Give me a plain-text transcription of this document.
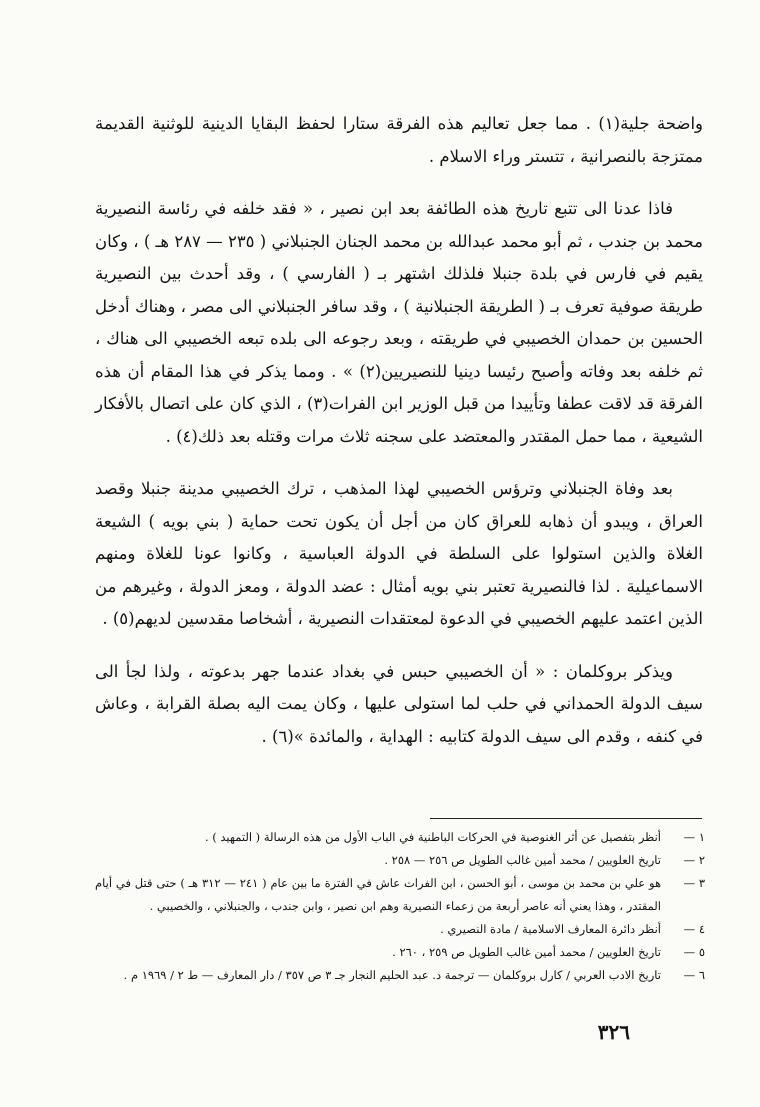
واضحة جلية(١) . مما جعل تعاليم هذه الفرقة ستارا لحفظ البقايا الدينية للوثنية القديمة ممتزجة بالنصرانية ، تتستر وراء الاسلام .

فاذا عدنا الى تتبع تاريخ هذه الطائفة بعد ابن نصير ، « فقد خلفه في رئاسة النصيرية محمد بن جندب ، ثم أبو محمد عبدالله بن محمد الجنان الجنبلاني ( ٢٣٥ — ٢٨٧ هـ ) ، وكان يقيم في فارس في بلدة جنبلا فلذلك اشتهر بـ ( الفارسي ) ، وقد أحدث بين النصيرية طريقة صوفية تعرف بـ ( الطريقة الجنبلانية ) ، وقد سافر الجنبلاني الى مصر ، وهناك أدخل الحسين بن حمدان الخصيبي في طريقته ، وبعد رجوعه الى بلده تبعه الخصيبي الى هناك ، ثم خلفه بعد وفاته وأصبح رئيسا دينيا للنصيريين(٢) » . ومما يذكر في هذا المقام أن هذه الفرقة قد لاقت عطفا وتأييدا من قبل الوزير ابن الفرات(٣) ، الذي كان على اتصال بالأفكار الشيعية ، مما حمل المقتدر والمعتضد على سجنه ثلاث مرات وقتله بعد ذلك(٤) .

بعد وفاة الجنبلاني وترؤس الخصيبي لهذا المذهب ، ترك الخصيبي مدينة جنبلا وقصد العراق ، ويبدو أن ذهابه للعراق كان من أجل أن يكون تحت حماية ( بني بويه ) الشيعة الغلاة والذين استولوا على السلطة في الدولة العباسية ، وكانوا عونا للغلاة ومنهم الاسماعيلية . لذا فالنصيرية تعتبر بني بويه أمثال : عضد الدولة ، ومعز الدولة ، وغيرهم من الذين اعتمد عليهم الخصيبي في الدعوة لمعتقدات النصيرية ، أشخاصا مقدسين لديهم(٥) .

ويذكر بروكلمان : « أن الخصيبي حبس في بغداد عندما جهر بدعوته ، ولذا لجأ الى سيف الدولة الحمداني في حلب لما استولى عليها ، وكان يمت اليه بصلة القرابة ، وعاش في كنفه ، وقدم الى سيف الدولة كتابيه : الهداية ، والمائدة »(٦) .

١ —
أنظر بتفصيل عن أثر الغنوصية في الحركات الباطنية في الباب الأول من هذه الرسالة ( التمهيد ) .
٢ —
تاريخ العلويين / محمد أمين غالب الطويل ص ٢٥٦ — ٢٥٨ .
٣ —
هو علي بن محمد بن موسى ، أبو الحسن ، ابن الفرات عاش في الفترة ما بين عام ( ٢٤١ — ٣١٢ هـ ) حتى قتل في أيام المقتدر ، وهذا يعني أنه عاصر أربعة من زعماء النصيرية وهم ابن نصير ، وابن جندب ، والجنبلاني ، والخصيبي .
٤ —
أنظر دائرة المعارف الاسلامية / مادة النصيري .
٥ —
تاريخ العلويين / محمد أمين غالب الطويل ص ٢٥٩ ، ٢٦٠ .
٦ —
تاريخ الادب العربي / كارل بروكلمان — ترجمة د. عبد الحليم النجار جـ ٣ ص ٣٥٧ / دار المعارف — ط ٢ / ١٩٦٩ م .
٣٢٦
